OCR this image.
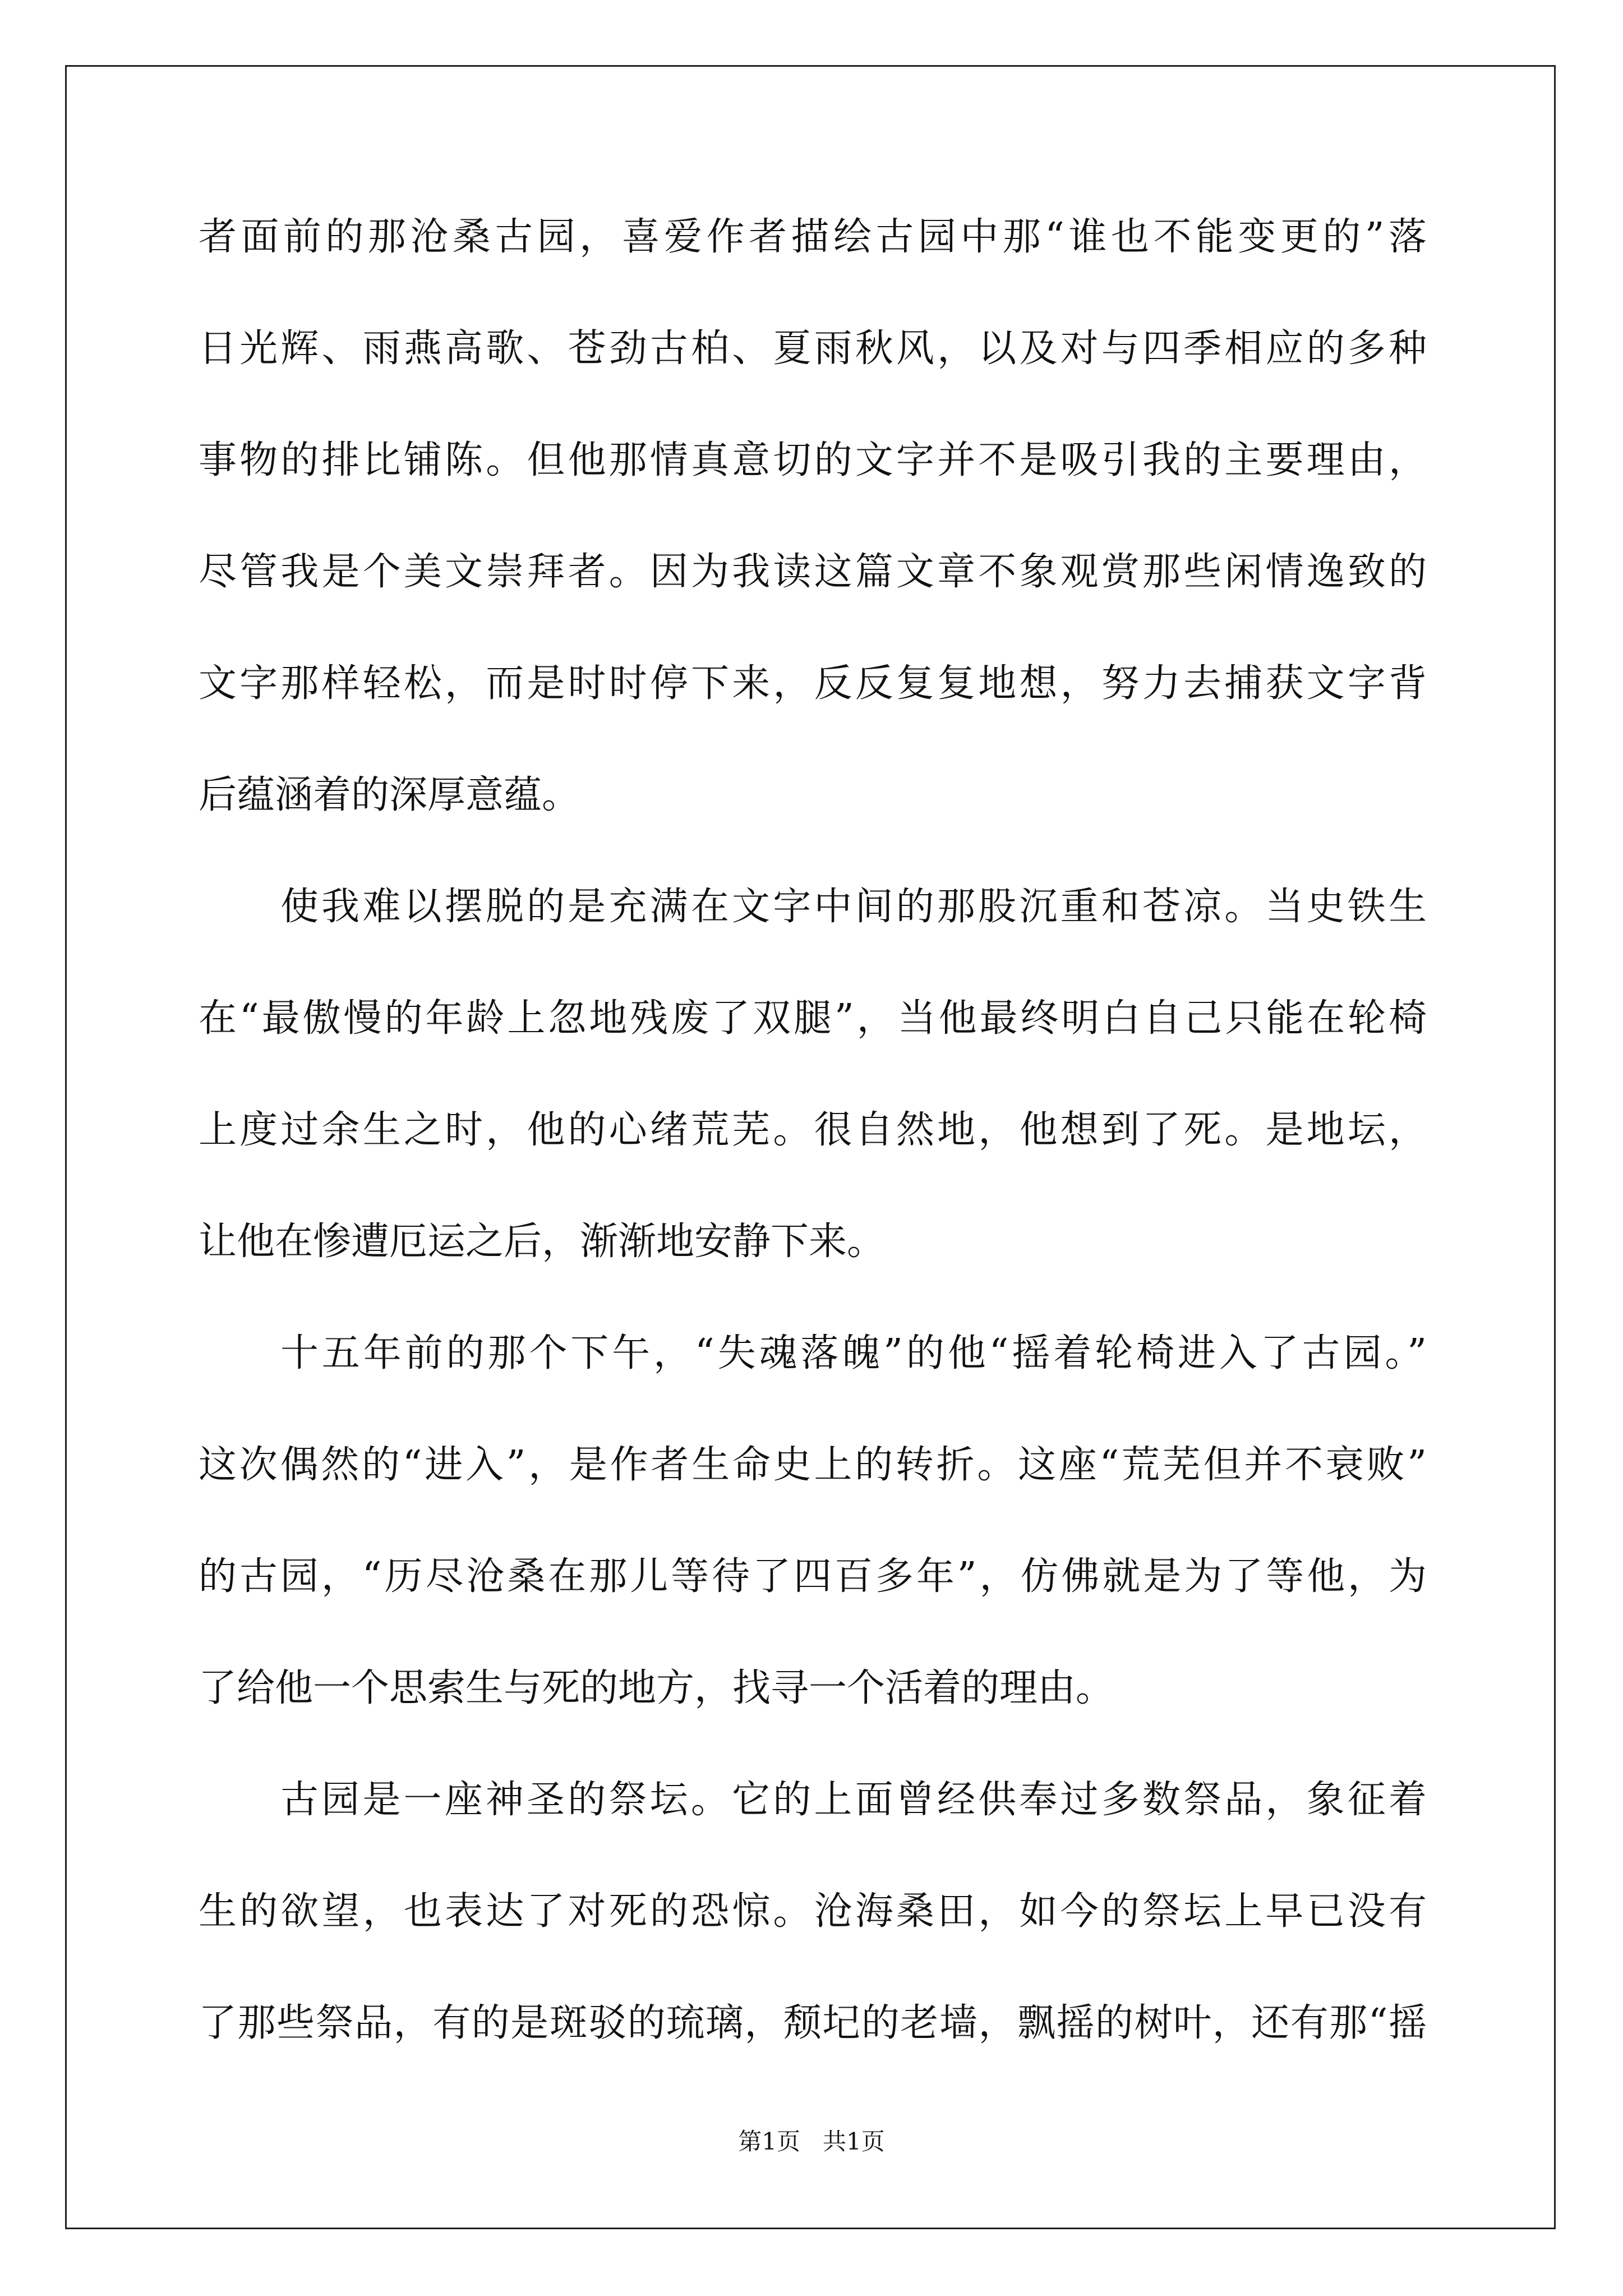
者面前的那沧桑古园，喜爱作者描绘古园中那“谁也不能变更的”落
日光辉、雨燕高歌、苍劲古柏、夏雨秋风，以及对与四季相应的多种
事物的排比铺陈。但他那情真意切的文字并不是吸引我的主要理由，
尽管我是个美文崇拜者。因为我读这篇文章不象观赏那些闲情逸致的
文字那样轻松，而是时时停下来，反反复复地想，努力去捕获文字背
后蕴涵着的深厚意蕴。
使我难以摆脱的是充满在文字中间的那股沉重和苍凉。当史铁生
在“最傲慢的年龄上忽地残废了双腿”，当他最终明白自己只能在轮椅
上度过余生之时，他的心绪荒芜。很自然地，他想到了死。是地坛，
让他在惨遭厄运之后，渐渐地安静下来。
十五年前的那个下午，“失魂落魄”的他“摇着轮椅进入了古园。”
这次偶然的“进入”，是作者生命史上的转折。这座“荒芜但并不衰败”
的古园，“历尽沧桑在那儿等待了四百多年”，仿佛就是为了等他，为
了给他一个思索生与死的地方，找寻一个活着的理由。
古园是一座神圣的祭坛。它的上面曾经供奉过多数祭品，象征着
生的欲望，也表达了对死的恐惊。沧海桑田，如今的祭坛上早已没有
了那些祭品，有的是斑驳的琉璃，颓圮的老墙，飘摇的树叶，还有那“摇
第1页 共1页
